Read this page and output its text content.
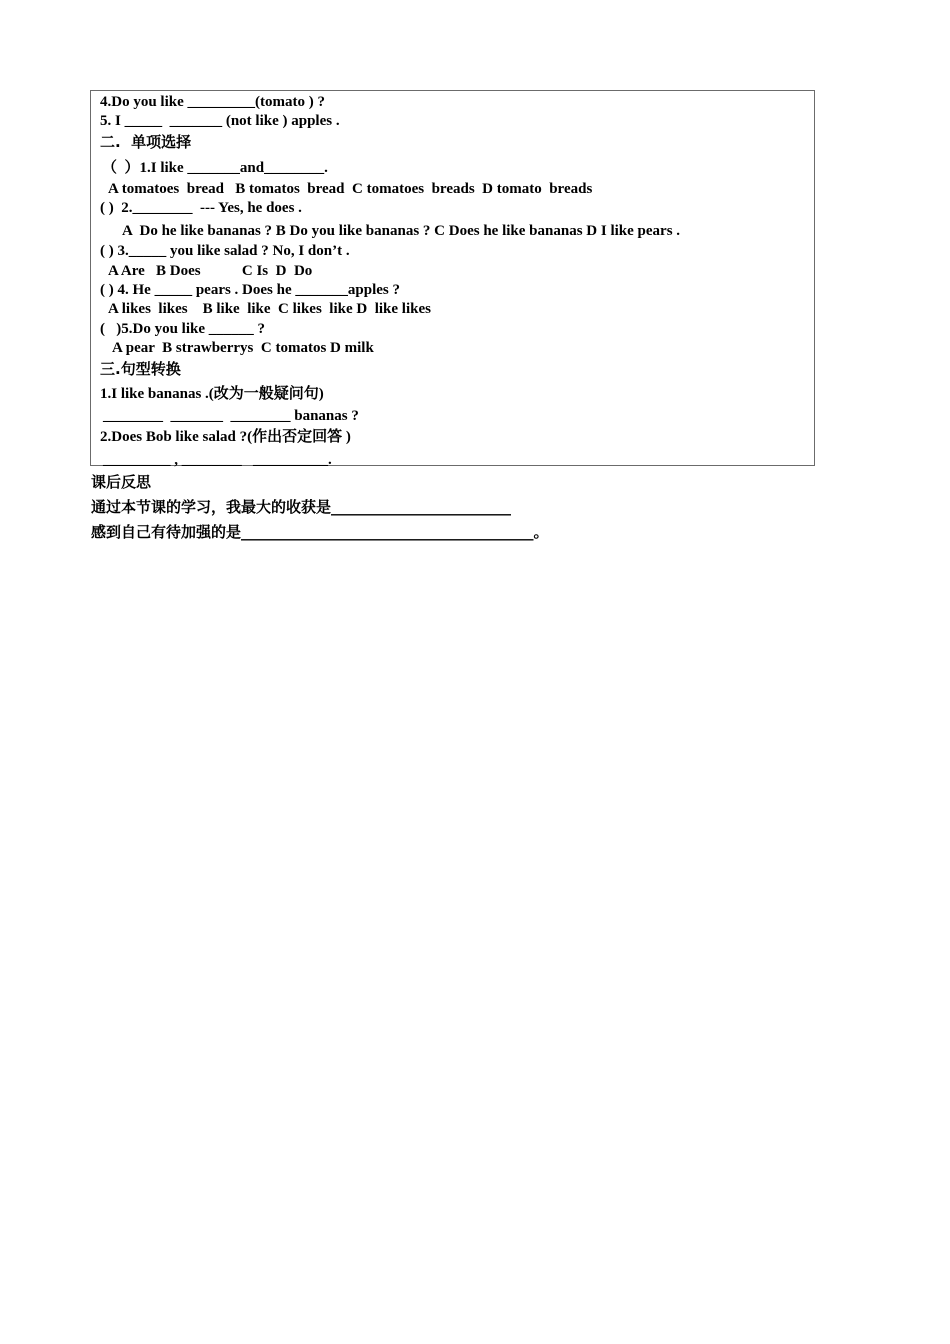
4.Do you like _________(tomato ) ?
5. I _____  _______ (not like ) apples .
二.  单项选择
（  ）1.I like _______and________.
A tomatoes  bread   B tomatos  bread  C tomatoes  breads  D tomato  breads
( )  2.________  --- Yes, he does .
A  Do he like bananas ? B Do you like bananas ? C Does he like bananas D I like pears .
( ) 3._____ you like salad ? No, I don’t .
A Are   B Does           C Is  D  Do
( ) 4. He _____ pears . Does he _______apples ?
A likes  likes    B like  like  C likes  like D  like likes
(   )5.Do you like ______ ?
A pear  B strawberrys  C tomatos D milk
三.句型转换
1.I like bananas .(改为一般疑问句)
________  _______  ________ bananas ?
2.Does Bob like salad ?(作出否定回答 )
_________ , ________   __________.
课后反思
通过本节课的学习，我最大的收获是________________________
感到自己有待加强的是_______________________________________。
